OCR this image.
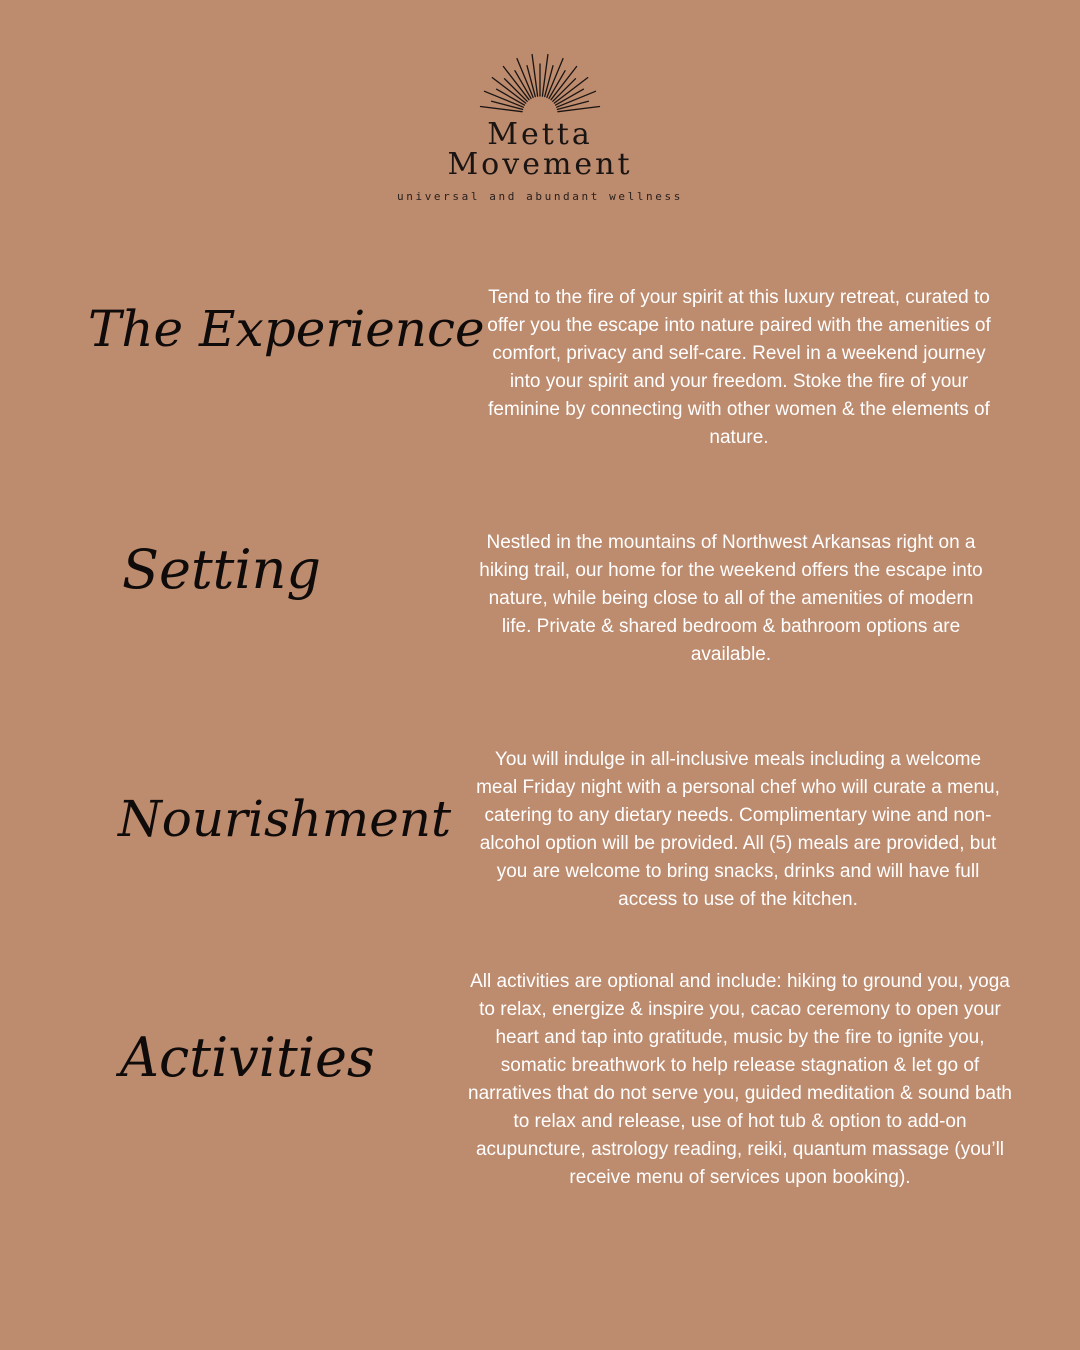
Metta
Movement
universal and abundant wellness
The Experience
Tend to the fire of your spirit at this luxury retreat, curated to offer you the escape into nature paired with the amenities of comfort, privacy and self-care. Revel in a weekend journey into your spirit and your freedom. Stoke the fire of your feminine by connecting with other women & the elements of nature.
Setting	Nestled in the mountains of Northwest Arkansas right on a hiking trail, our home for the weekend offers the escape into nature, while being close to all of the amenities of modern life. Private & shared bedroom & bathroom options are available.
Nourishment
You will indulge in all-inclusive meals including a welcome meal Friday night with a personal chef who will curate a menu, catering to any dietary needs. Complimentary wine and non-alcohol option will be provided. All (5) meals are provided, but you are welcome to bring snacks, drinks and will have full access to use of the kitchen.
Activities
All activities are optional and include: hiking to ground you, yoga to relax, energize & inspire you, cacao ceremony to open your heart and tap into gratitude, music by the fire to ignite you, somatic breathwork to help release stagnation & let go of narratives that do not serve you, guided meditation & sound bath to relax and release, use of hot tub & option to add-on acupuncture, astrology reading, reiki, quantum massage (you’ll receive menu of services upon booking).
